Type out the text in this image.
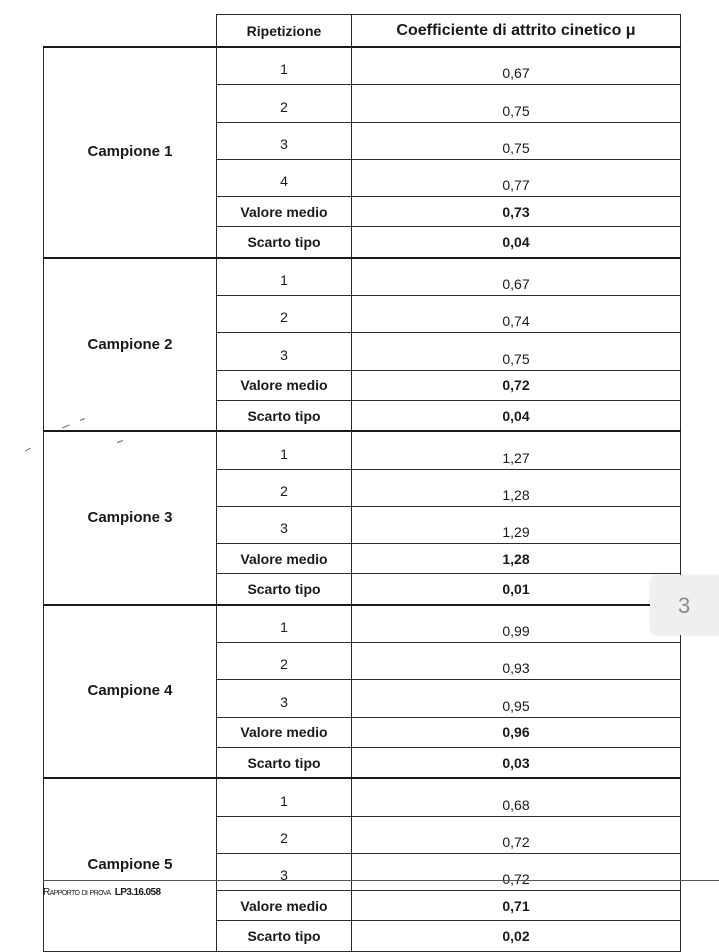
	Ripetizione	Coefficiente di attrito cinetico μ
Campione 1	1	0,67
	2	0,75
	3	0,75
	4	0,77
	Valore medio	0,73
	Scarto tipo	0,04
Campione 2	1	0,67
	2	0,74
	3	0,75
	Valore medio	0,72
	Scarto tipo	0,04
Campione 3	1	1,27
	2	1,28
	3	1,29
	Valore medio	1,28
	Scarto tipo	0,01
Campione 4	1	0,99
	2	0,93
	3	0,95
	Valore medio	0,96
	Scarto tipo	0,03
Campione 5	1	0,68
	2	0,72
	3	0,72
	Valore medio	0,71
	Scarto tipo	0,02
3
Rapporto di prova LP3.16.058
